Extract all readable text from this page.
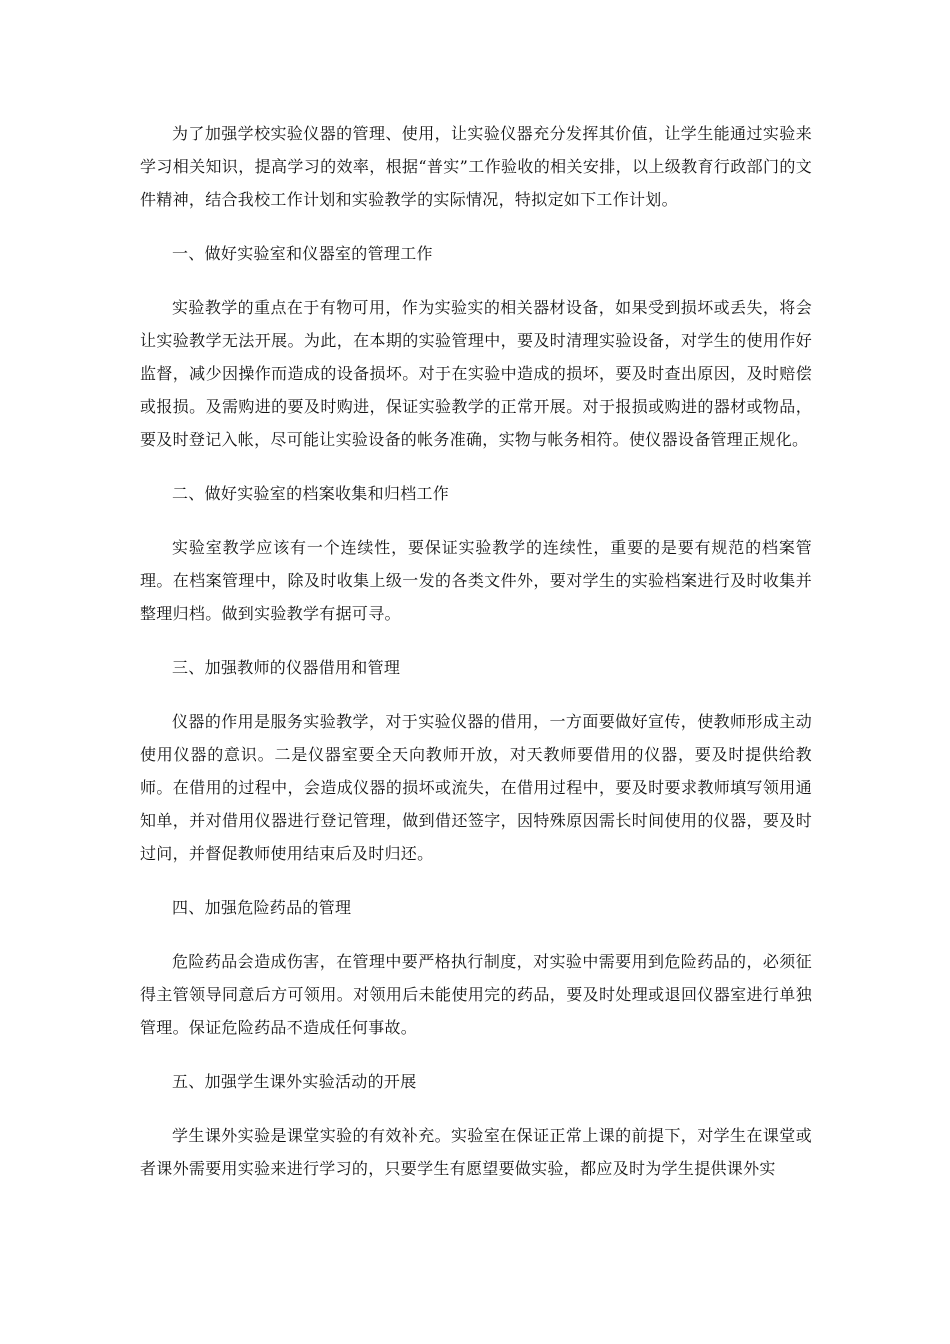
为了加强学校实验仪器的管理、使用，让实验仪器充分发挥其价值，让学生能通过实验来学习相关知识，提高学习的效率，根据“普实”工作验收的相关安排，以上级教育行政部门的文件精神，结合我校工作计划和实验教学的实际情况，特拟定如下工作计划。

一、做好实验室和仪器室的管理工作

实验教学的重点在于有物可用，作为实验实的相关器材设备，如果受到损坏或丢失，将会让实验教学无法开展。为此，在本期的实验管理中，要及时清理实验设备，对学生的使用作好监督，减少因操作而造成的设备损坏。对于在实验中造成的损坏，要及时查出原因，及时赔偿或报损。及需购进的要及时购进，保证实验教学的正常开展。对于报损或购进的器材或物品，要及时登记入帐，尽可能让实验设备的帐务准确，实物与帐务相符。使仪器设备管理正规化。

二、做好实验室的档案收集和归档工作

实验室教学应该有一个连续性，要保证实验教学的连续性，重要的是要有规范的档案管理。在档案管理中，除及时收集上级一发的各类文件外，要对学生的实验档案进行及时收集并整理归档。做到实验教学有据可寻。

三、加强教师的仪器借用和管理

仪器的作用是服务实验教学，对于实验仪器的借用，一方面要做好宣传，使教师形成主动使用仪器的意识。二是仪器室要全天向教师开放，对天教师要借用的仪器，要及时提供给教师。在借用的过程中，会造成仪器的损坏或流失，在借用过程中，要及时要求教师填写领用通知单，并对借用仪器进行登记管理，做到借还签字，因特殊原因需长时间使用的仪器，要及时过问，并督促教师使用结束后及时归还。

四、加强危险药品的管理

危险药品会造成伤害，在管理中要严格执行制度，对实验中需要用到危险药品的，必须征得主管领导同意后方可领用。对领用后未能使用完的药品，要及时处理或退回仪器室进行单独管理。保证危险药品不造成任何事故。

五、加强学生课外实验活动的开展

学生课外实验是课堂实验的有效补充。实验室在保证正常上课的前提下，对学生在课堂或者课外需要用实验来进行学习的，只要学生有愿望要做实验，都应及时为学生提供课外实
